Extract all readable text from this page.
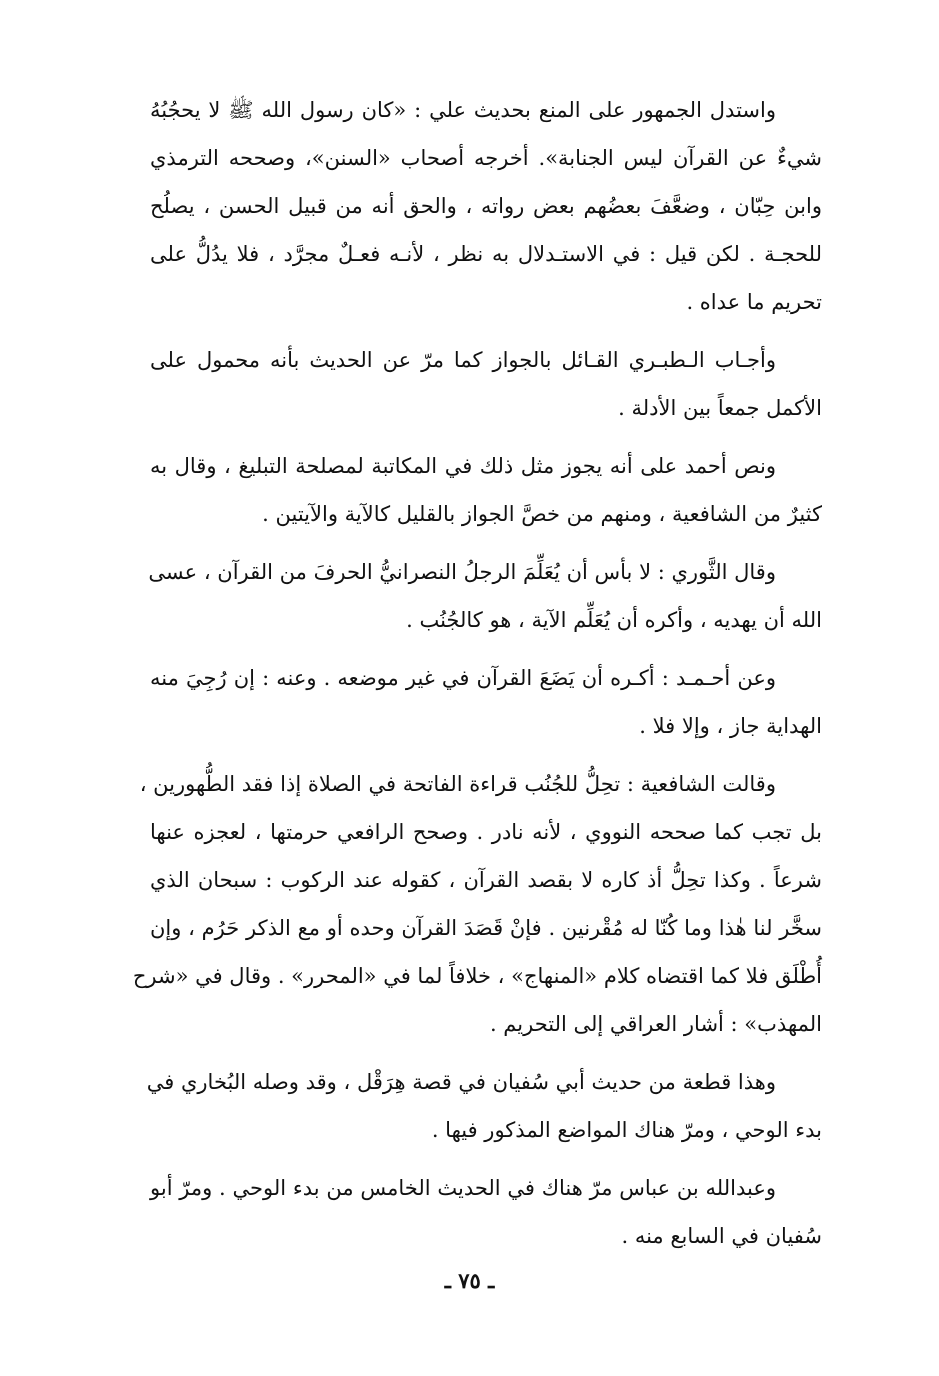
واستدل الجمهور على المنع بحديث علي : «كان رسول الله ﷺ لا يحجُبُهُ
شيءٌ عن القرآن ليس الجنابة». أخرجه أصحاب «السنن»، وصححه الترمذي
وابن حِبّان ، وضعَّفَ بعضُهم بعض رواته ، والحق أنه من قبيل الحسن ، يصلُح
للحجـة . لكن قيل : في الاستـدلال به نظر ، لأنـه فعـلٌ مجرَّد ، فلا يدُلُّ على
تحريم ما عداه .
وأجـاب الـطبـري القـائل بالجواز كما مرّ عن الحديث بأنه محمول على
الأكمل جمعاً بين الأدلة .
ونص أحمد على أنه يجوز مثل ذلك في المكاتبة لمصلحة التبليغ ، وقال به
كثيرٌ من الشافعية ، ومنهم من خصَّ الجواز بالقليل كالآية والآيتين .
وقال الثَّوري : لا بأس أن يُعَلِّمَ الرجلُ النصرانيُّ الحرفَ من القرآن ، عسى
الله أن يهديه ، وأكره أن يُعَلِّم الآية ، هو كالجُنُب .
وعن أحـمـد : أكـره أن يَضَعَ القرآن في غير موضعه . وعنه : إن رُجِيَ منه
الهداية جاز ، وإلا فلا .
وقالت الشافعية : تحِلُّ للجُنُب قراءة الفاتحة في الصلاة إذا فقد الطُّهورين ،
بل تجب كما صححه النووي ، لأنه نادر . وصحح الرافعي حرمتها ، لعجزه عنها
شرعاً . وكذا تحِلُّ أذ كاره لا بقصد القرآن ، كقوله عند الركوب : سبحان الذي
سخَّر لنا هٰذا وما كُنّا له مُقْرنين . فإنْ قَصَدَ القرآن وحده أو مع الذكر حَرُم ، وإن
أُطْلَق فلا كما اقتضاه كلام «المنهاج» ، خلافاً لما في «المحرر» . وقال في «شرح
المهذب» : أشار العراقي إلى التحريم .
وهذا قطعة من حديث أبي سُفيان في قصة هِرَقْل ، وقد وصله البُخاري في
بدء الوحي ، ومرّ هناك المواضع المذكور فيها .
وعبدالله بن عباس مرّ هناك في الحديث الخامس من بدء الوحي . ومرّ أبو
سُفيان في السابع منه .
ـ ٧٥ ـ
